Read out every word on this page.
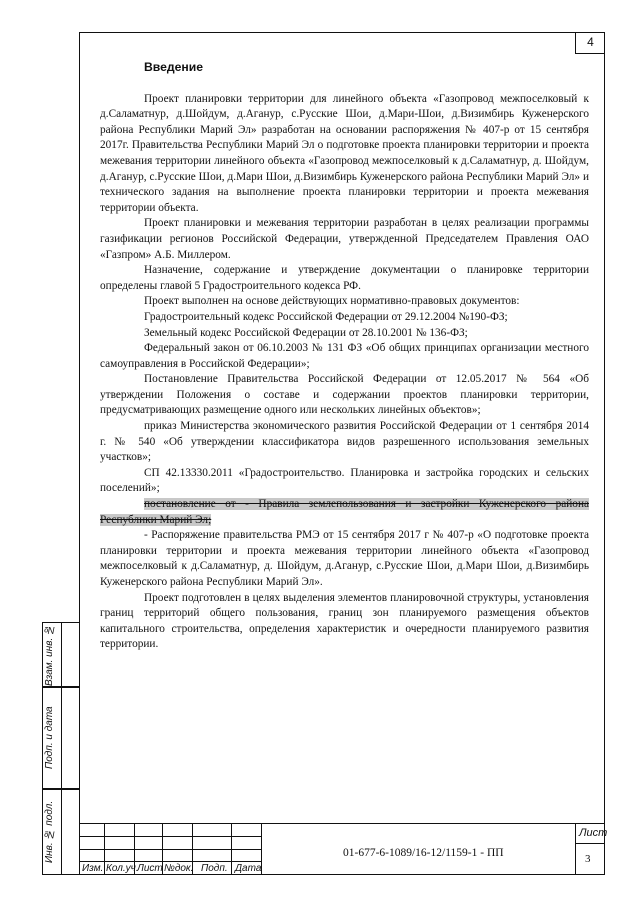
4
Введение

Проект планировки территории для линейного объекта «Газопровод межпоселковый к д.Саламатнур, д.Шойдум, д.Аганур, с.Русские Шои, д.Мари-Шои, д.Визимбирь Куженерского района Республики Марий Эл» разработан на основании распоряжения № 407-р от 15 сентября 2017г. Правительства Республики Марий Эл о подготовке проекта планировки территории и проекта межевания территории линейного объекта «Газопровод межпоселковый к д.Саламатнур, д. Шойдум, д.Аганур, с.Русские Шои, д.Мари Шои, д.Визимбирь Куженерского района Республики Марий Эл» и технического задания на выполнение проекта планировки территории и проекта межевания территории объекта.

Проект планировки и межевания территории разработан в целях реализации программы газификации регионов Российской Федерации, утвержденной Председателем Правления ОАО «Газпром» А.Б. Миллером.

Назначение, содержание и утверждение документации о планировке территории определены главой 5 Градостроительного кодекса РФ.

Проект выполнен на основе действующих нормативно-правовых документов:

Градостроительный кодекс Российской Федерации от 29.12.2004 №190-ФЗ;

Земельный кодекс Российской Федерации от 28.10.2001 № 136-ФЗ;

Федеральный закон от 06.10.2003 № 131 ФЗ «Об общих принципах организации местного самоуправления в Российской Федерации»;

Постановление Правительства Российской Федерации от 12.05.2017 № 564 «Об утверждении Положения о составе и содержании проектов планировки территории, предусматривающих размещение одного или нескольких линейных объектов»;

приказ Министерства экономического развития Российской Федерации от 1 сентября 2014 г. № 540 «Об утверждении классификатора видов разрешенного использования земельных участков»;

СП 42.13330.2011 «Градостроительство. Планировка и застройка городских и сельских поселений»;

постановление от - Правила землепользования и застройки Куженерского района Республики Марий Эл;

- Распоряжение правительства РМЭ от 15 сентября 2017 г № 407-р «О подготовке проекта планировки территории и проекта межевания территории линейного объекта «Газопровод межпоселковый к д.Саламатнур, д. Шойдум, д.Аганур, с.Русские Шои, д.Мари Шои, д.Визимбирь Куженерского района Республики Марий Эл».

Проект подготовлен в целях выделения элементов планировочной структуры, установления границ территорий общего пользования, границ зон планируемого размещения объектов капитального строительства, определения характеристик и очередности планируемого развития территории.

Взам. инв. №
Подп. и дата
Инв. № подл.
Изм. Кол.уч.
Лист №док. Подп. Дата
01-677-6-1089/16-12/1159-1 - ПП
Лист
3
